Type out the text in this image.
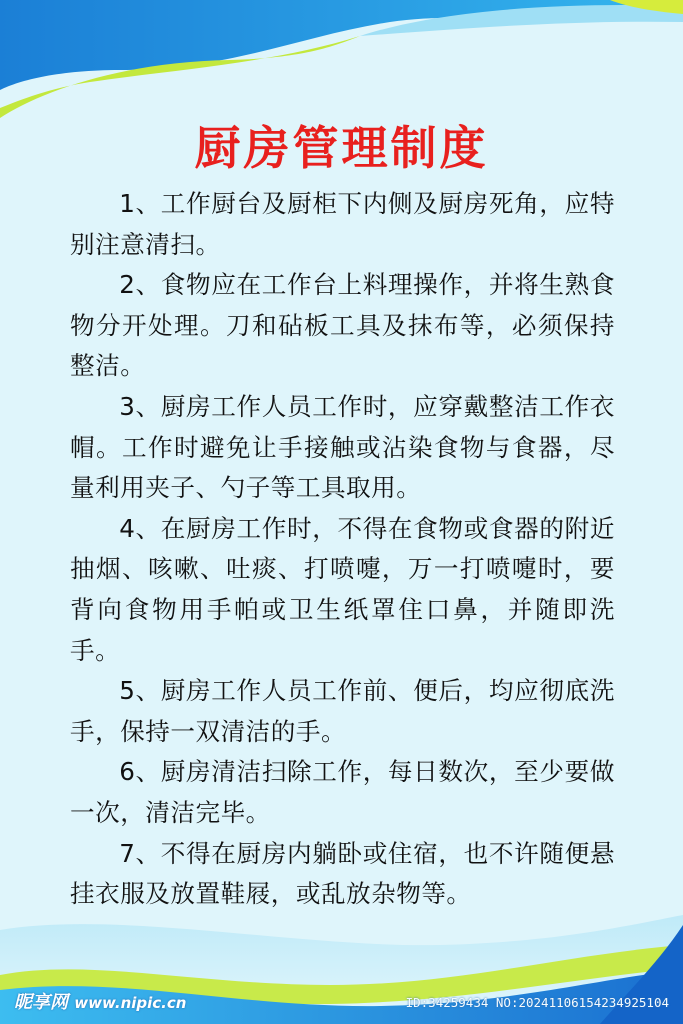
厨房管理制度

1、工作厨台及厨柜下内侧及厨房死角，应特别注意清扫。

2、食物应在工作台上料理操作，并将生熟食物分开处理。刀和砧板工具及抹布等，必须保持整洁。

3、厨房工作人员工作时，应穿戴整洁工作衣帽。工作时避免让手接触或沾染食物与食器，尽量利用夹子、勺子等工具取用。

4、在厨房工作时，不得在食物或食器的附近抽烟、咳嗽、吐痰、打喷嚏，万一打喷嚏时，要背向食物用手帕或卫生纸罩住口鼻，并随即洗手。

5、厨房工作人员工作前、便后，均应彻底洗手，保持一双清洁的手。

6、厨房清洁扫除工作，每日数次，至少要做一次，清洁完毕。

7、不得在厨房内躺卧或住宿，也不许随便悬挂衣服及放置鞋屐，或乱放杂物等。

昵享网 www.nipic.cn	ID:34259434 NO:20241106154234925104
